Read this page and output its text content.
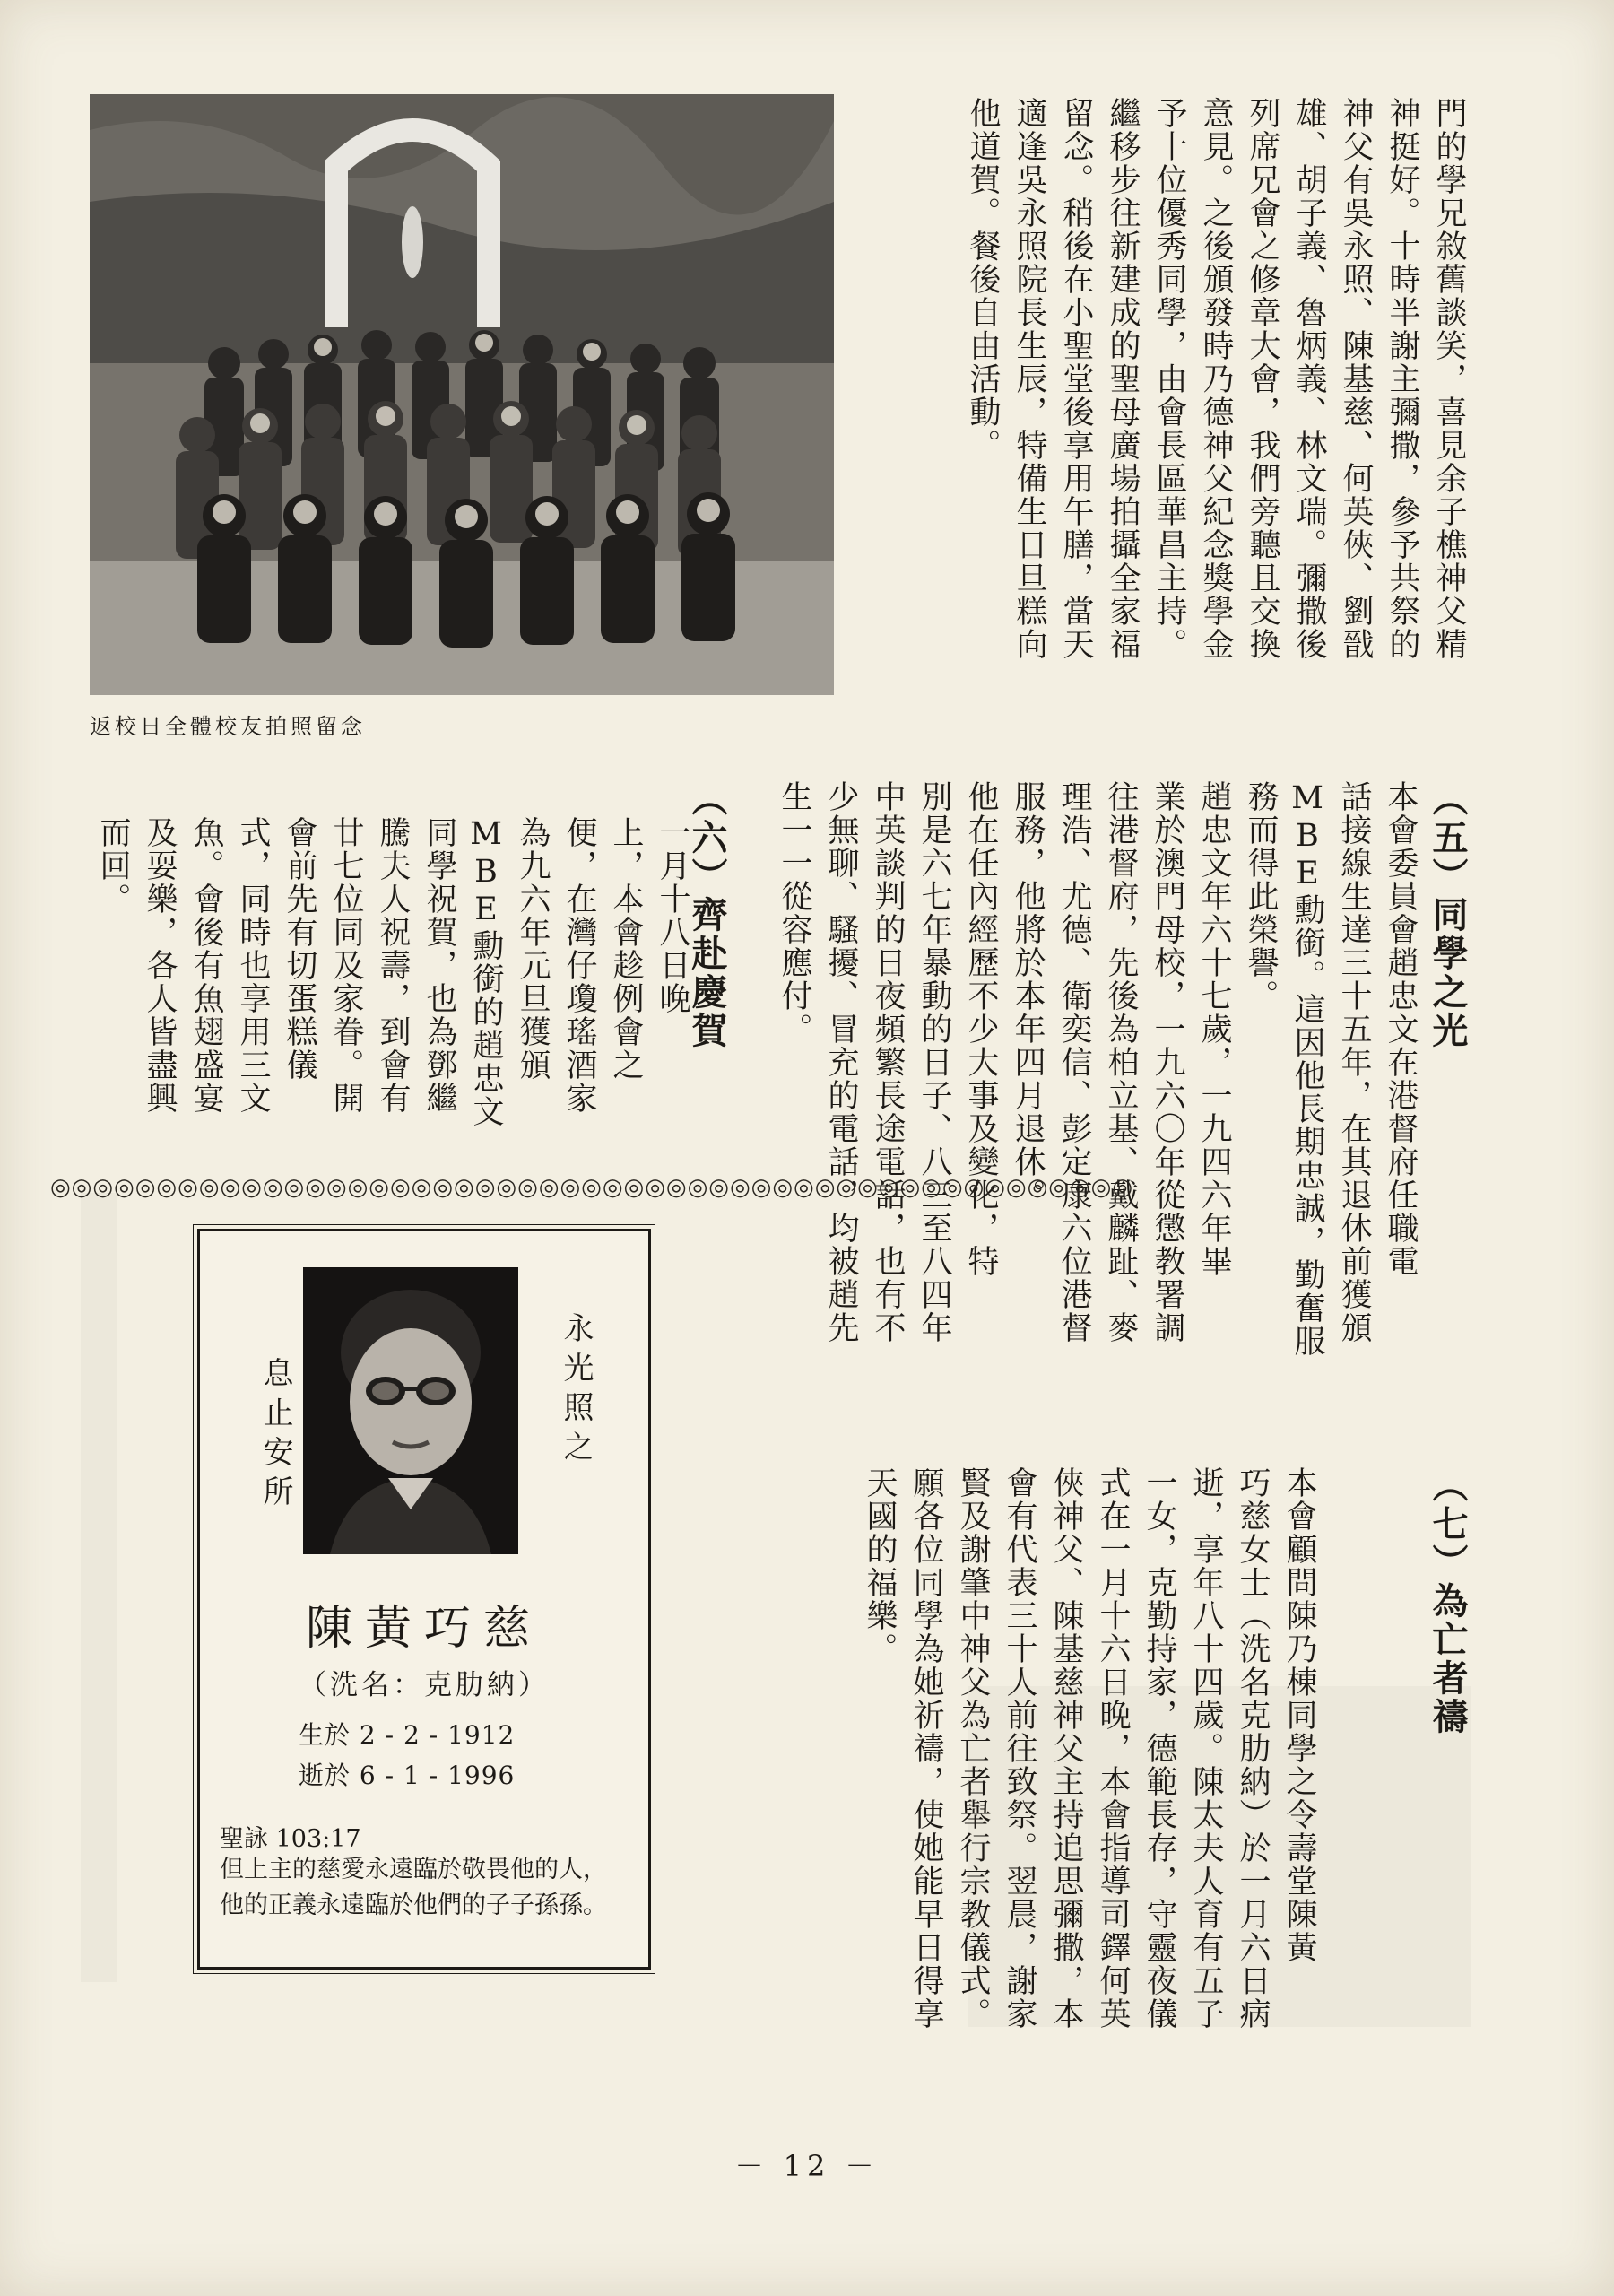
返校日全體校友拍照留念
門的學兄敘舊談笑，喜見余子樵神父精
神挺好。十時半謝主彌撒，參予共祭的
神父有吳永照、陳基慈、何英俠、劉戩
雄、胡子義、魯炳義、林文瑞。彌撒後
列席兄會之修章大會，我們旁聽且交換
意見。之後頒發時乃德神父紀念獎學金
予十位優秀同學，由會長區華昌主持。
繼移步往新建成的聖母廣場拍攝全家福
留念。稍後在小聖堂後享用午膳，當天
適逢吳永照院長生辰，特備生日旦糕向
他道賀。餐後自由活動。
（五）同學之光
本會委員會趙忠文在港督府任職電
話接線生達三十五年，在其退休前獲頒
MBE勳銜。這因他長期忠誠，勤奮服
務而得此榮譽。
趙忠文年六十七歲，一九四六年畢
業於澳門母校，一九六〇年從懲教署調
往港督府，先後為柏立基、戴麟趾、麥
理浩、尤德、衛奕信、彭定康六位港督
服務，他將於本年四月退休。
他在任內經歷不少大事及變化，特
別是六七年暴動的日子、八三至八四年
中英談判的日夜頻繁長途電話，也有不
少無聊、騷擾、冒充的電話，均被趙先
生一一從容應付。
（六）齊赴慶賀
一月十八日晚
上，本會趁例會之
便，在灣仔瓊瑤酒家
為九六年元旦獲頒
MBE勳銜的趙忠文
同學祝賀，也為鄧繼
騰夫人祝壽，到會有
廿七位同及家眷。開
會前先有切蛋糕儀
式，同時也享用三文
魚。會後有魚翅盛宴
及耍樂，各人皆盡興
而回。
（七）為亡者禱
本會顧問陳乃棟同學之令壽堂陳黃
巧慈女士（洗名克肋納）於一月六日病
逝，享年八十四歲。陳太夫人育有五子
一女，克勤持家，德範長存，守靈夜儀
式在一月十六日晚，本會指導司鐸何英
俠神父、陳基慈神父主持追思彌撒，本
會有代表三十人前往致祭。翌晨，謝家
賢及謝肇中神父為亡者舉行宗教儀式。
願各位同學為她祈禱，使她能早日得享
天國的福樂。
◎◎◎◎◎◎◎◎◎◎◎◎◎◎◎◎◎◎◎◎◎◎◎◎◎◎◎◎◎◎◎◎◎◎◎◎◎◎◎◎◎◎◎◎◎◎◎◎◎◎◎
永光照之
息止安所
陳黃巧慈
（洗名：克肋納）
生於 2 - 2 - 1912
逝於 6 - 1 - 1996
聖詠 103:17
但上主的慈愛永遠臨於敬畏他的人，他的正義永遠臨於他們的子子孫孫。
－ 12 －
